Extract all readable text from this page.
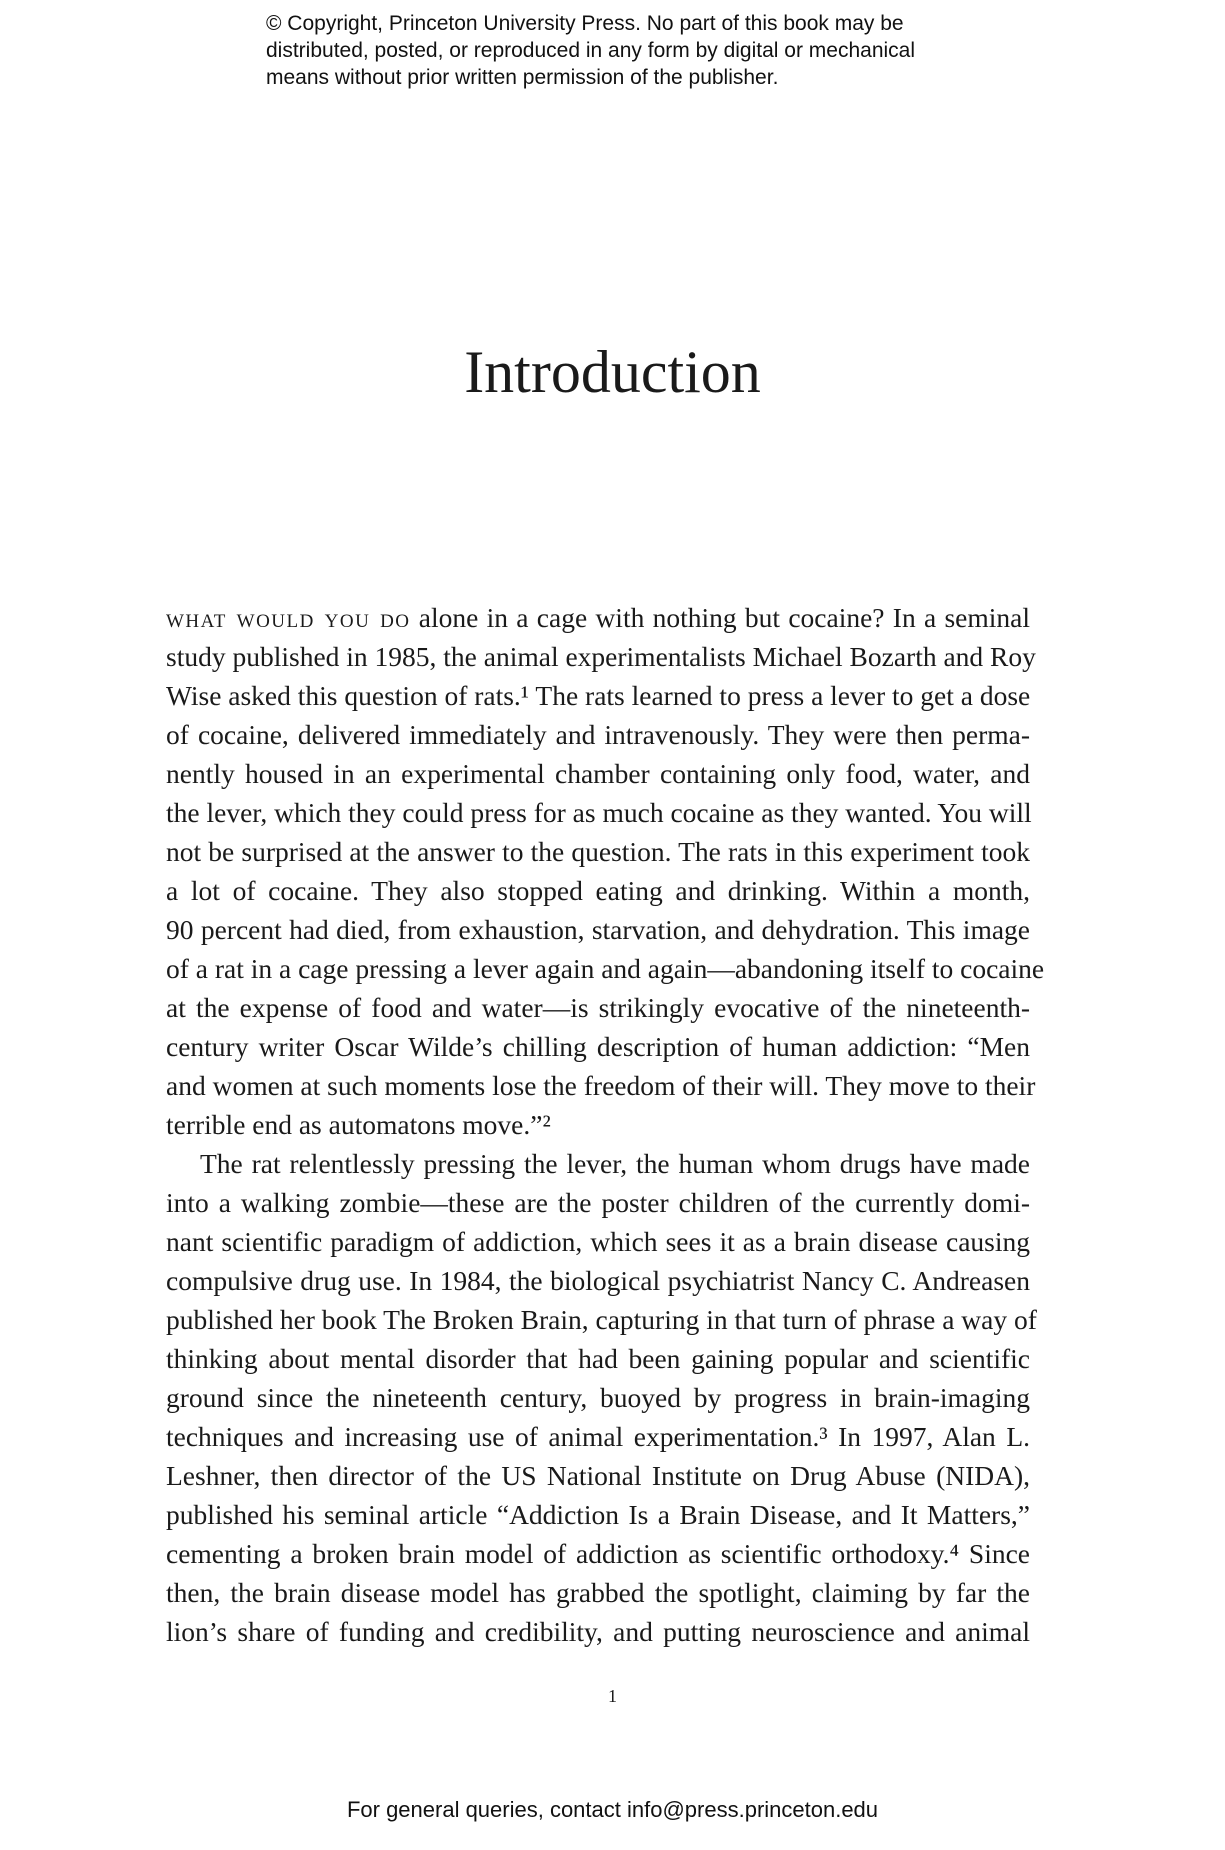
© Copyright, Princeton University Press. No part of this book may be
distributed, posted, or reproduced in any form by digital or mechanical
means without prior written permission of the publisher.
Introduction
what would you do alone in a cage with nothing but cocaine? In a seminal
study published in 1985, the animal experimentalists Michael Bozarth and Roy
Wise asked this question of rats.¹ The rats learned to press a lever to get a dose
of cocaine, delivered immediately and intravenously. They were then perma-
nently housed in an experimental chamber containing only food, water, and
the lever, which they could press for as much cocaine as they wanted. You will
not be surprised at the answer to the question. The rats in this experiment took
a lot of cocaine. They also stopped eating and drinking. Within a month,
90 percent had died, from exhaustion, starvation, and dehydration. This image
of a rat in a cage pressing a lever again and again—abandoning itself to cocaine
at the expense of food and water—is strikingly evocative of the nineteenth-
century writer Oscar Wilde’s chilling description of human addiction: “Men
and women at such moments lose the freedom of their will. They move to their
terrible end as automatons move.”²
The rat relentlessly pressing the lever, the human whom drugs have made
into a walking zombie—these are the poster children of the currently domi-
nant scientific paradigm of addiction, which sees it as a brain disease causing
compulsive drug use. In 1984, the biological psychiatrist Nancy C. Andreasen
published her book The Broken Brain, capturing in that turn of phrase a way of
thinking about mental disorder that had been gaining popular and scientific
ground since the nineteenth century, buoyed by progress in brain-imaging
techniques and increasing use of animal experimentation.³ In 1997, Alan L.
Leshner, then director of the US National Institute on Drug Abuse (NIDA),
published his seminal article “Addiction Is a Brain Disease, and It Matters,”
cementing a broken brain model of addiction as scientific orthodoxy.⁴ Since
then, the brain disease model has grabbed the spotlight, claiming by far the
lion’s share of funding and credibility, and putting neuroscience and animal
1
For general queries, contact info@press.princeton.edu
